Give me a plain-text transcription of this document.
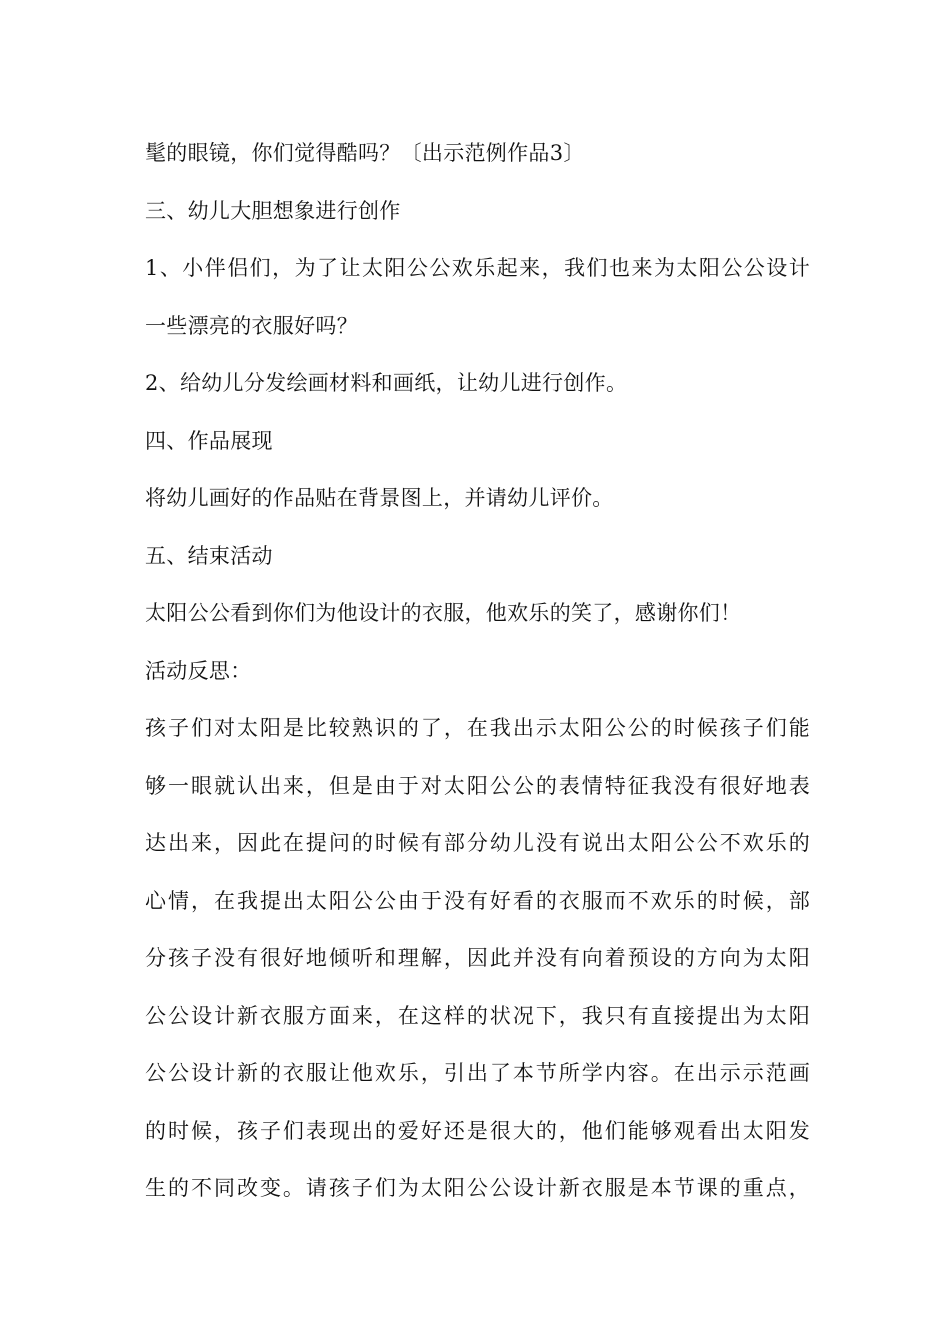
髦的眼镜，你们觉得酷吗？〔出示范例作品3〕
三、幼儿大胆想象进行创作
1、小伴侣们，为了让太阳公公欢乐起来，我们也来为太阳公公设计
一些漂亮的衣服好吗？
2、给幼儿分发绘画材料和画纸，让幼儿进行创作。
四、作品展现
将幼儿画好的作品贴在背景图上，并请幼儿评价。
五、结束活动
太阳公公看到你们为他设计的衣服，他欢乐的笑了，感谢你们！
活动反思：
孩子们对太阳是比较熟识的了，在我出示太阳公公的时候孩子们能
够一眼就认出来，但是由于对太阳公公的表情特征我没有很好地表
达出来，因此在提问的时候有部分幼儿没有说出太阳公公不欢乐的
心情，在我提出太阳公公由于没有好看的衣服而不欢乐的时候，部
分孩子没有很好地倾听和理解，因此并没有向着预设的方向为太阳
公公设计新衣服方面来，在这样的状况下，我只有直接提出为太阳
公公设计新的衣服让他欢乐，引出了本节所学内容。在出示示范画
的时候，孩子们表现出的爱好还是很大的，他们能够观看出太阳发
生的不同改变。请孩子们为太阳公公设计新衣服是本节课的重点，
